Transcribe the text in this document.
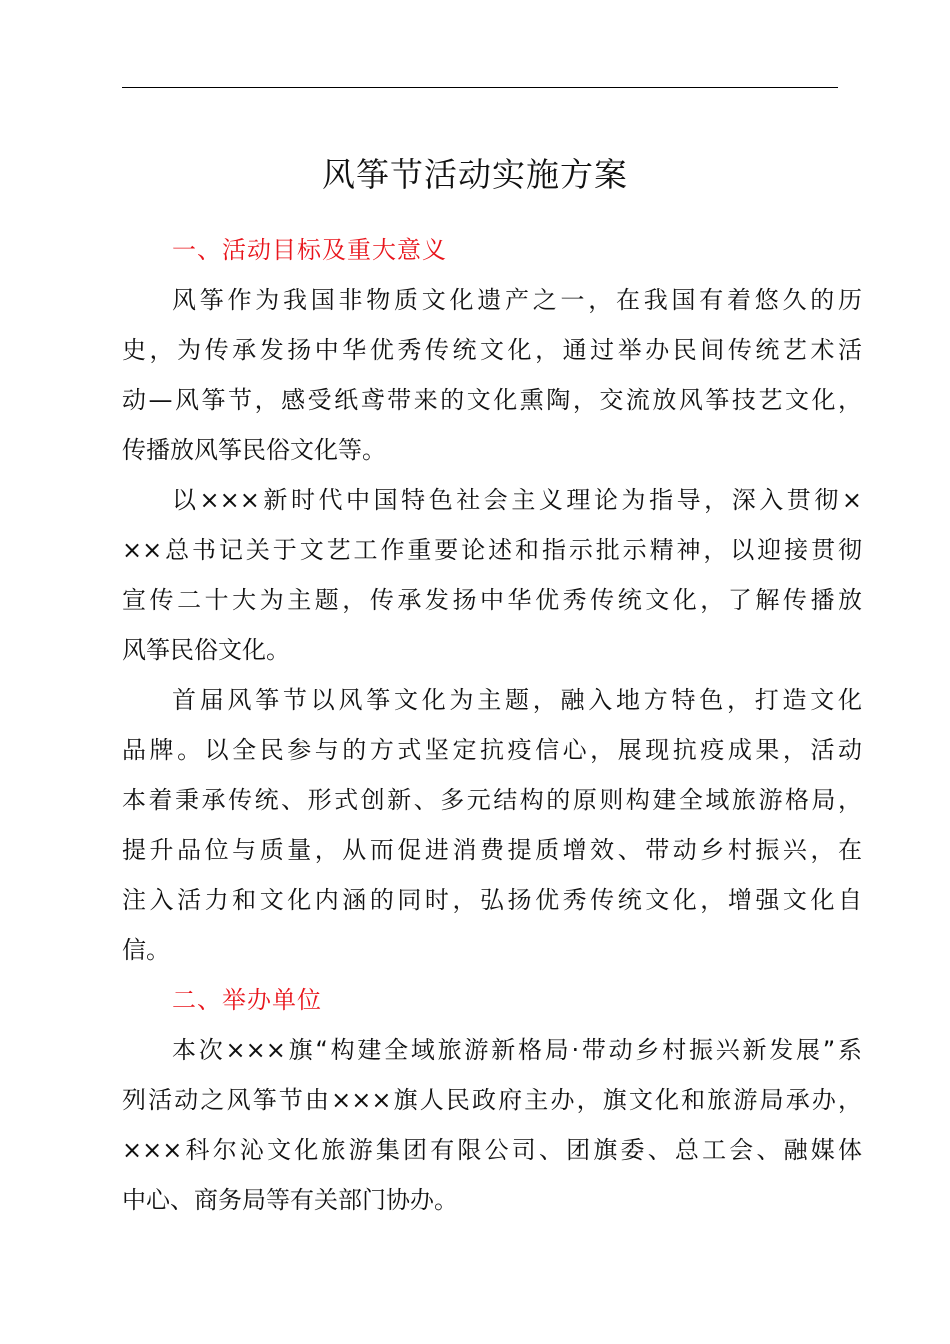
风筝节活动实施方案
一、活动目标及重大意义

风筝作为我国非物质文化遗产之一，在我国有着悠久的历
史，为传承发扬中华优秀传统文化，通过举办民间传统艺术活
动—风筝节，感受纸鸢带来的文化熏陶，交流放风筝技艺文化，
传播放风筝民俗文化等。

以×××新时代中国特色社会主义理论为指导，深入贯彻×
××总书记关于文艺工作重要论述和指示批示精神，以迎接贯彻
宣传二十大为主题，传承发扬中华优秀传统文化，了解传播放
风筝民俗文化。

首届风筝节以风筝文化为主题，融入地方特色，打造文化
品牌。以全民参与的方式坚定抗疫信心，展现抗疫成果，活动
本着秉承传统、形式创新、多元结构的原则构建全域旅游格局，
提升品位与质量，从而促进消费提质增效、带动乡村振兴，在
注入活力和文化内涵的同时，弘扬优秀传统文化，增强文化自
信。

二、举办单位

本次×××旗“构建全域旅游新格局·带动乡村振兴新发展”系
列活动之风筝节由×××旗人民政府主办，旗文化和旅游局承办，
×××科尔沁文化旅游集团有限公司、团旗委、总工会、融媒体
中心、商务局等有关部门协办。
